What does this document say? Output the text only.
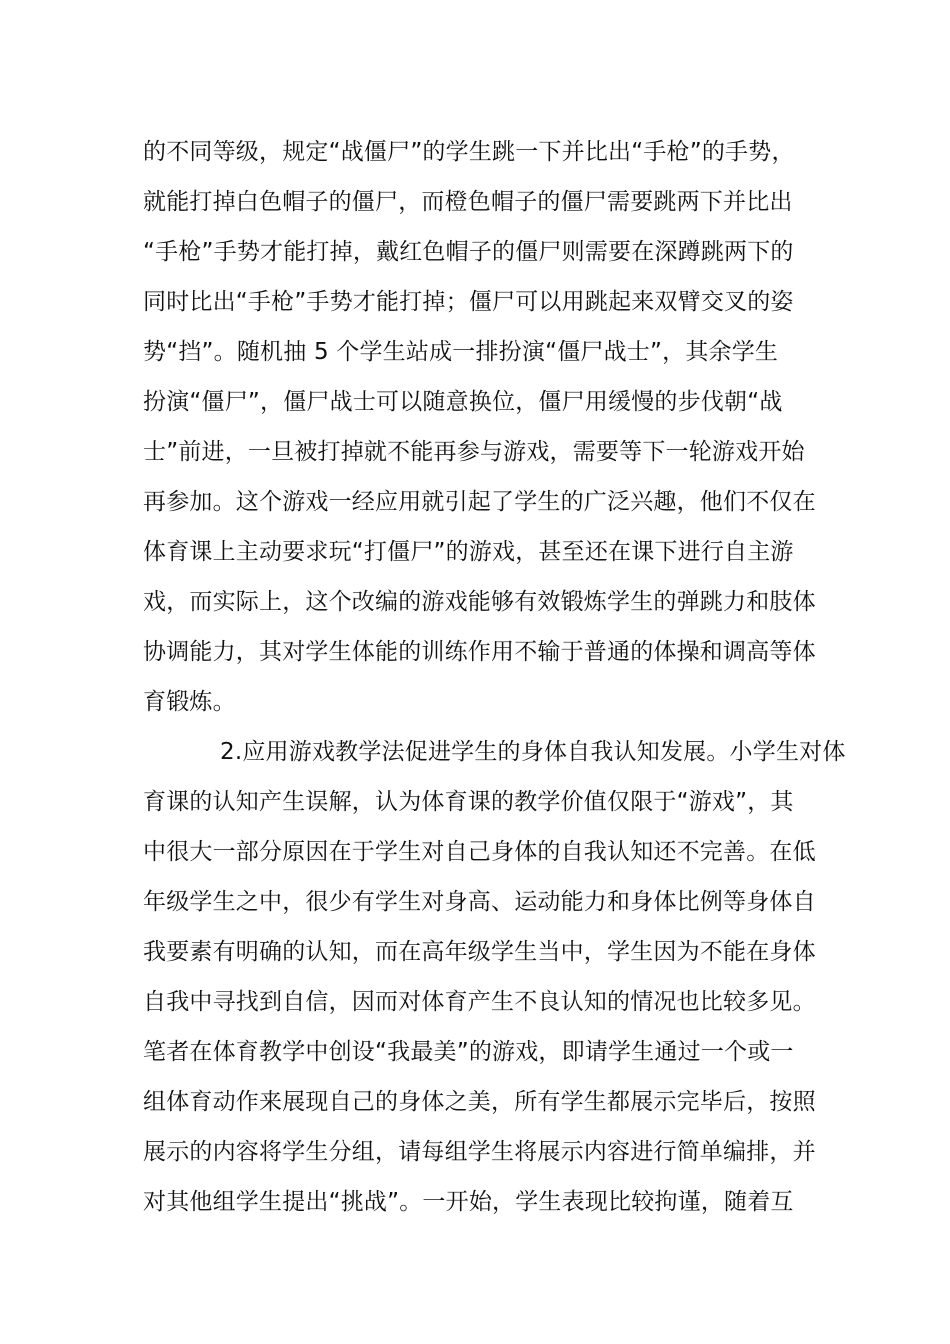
的不同等级，规定“战僵尸”的学生跳一下并比出“手枪”的手势，
就能打掉白色帽子的僵尸，而橙色帽子的僵尸需要跳两下并比出
“手枪”手势才能打掉，戴红色帽子的僵尸则需要在深蹲跳两下的
同时比出“手枪”手势才能打掉；僵尸可以用跳起来双臂交叉的姿
势“挡”。随机抽 5 个学生站成一排扮演“僵尸战士”，其余学生
扮演“僵尸”，僵尸战士可以随意换位，僵尸用缓慢的步伐朝“战
士”前进，一旦被打掉就不能再参与游戏，需要等下一轮游戏开始
再参加。这个游戏一经应用就引起了学生的广泛兴趣，他们不仅在
体育课上主动要求玩“打僵尸”的游戏，甚至还在课下进行自主游
戏，而实际上，这个改编的游戏能够有效锻炼学生的弹跳力和肢体
协调能力，其对学生体能的训练作用不输于普通的体操和调高等体
育锻炼。
2.应用游戏教学法促进学生的身体自我认知发展。小学生对体
育课的认知产生误解，认为体育课的教学价值仅限于“游戏”，其
中很大一部分原因在于学生对自己身体的自我认知还不完善。在低
年级学生之中，很少有学生对身高、运动能力和身体比例等身体自
我要素有明确的认知，而在高年级学生当中，学生因为不能在身体
自我中寻找到自信，因而对体育产生不良认知的情况也比较多见。
笔者在体育教学中创设“我最美”的游戏，即请学生通过一个或一
组体育动作来展现自己的身体之美，所有学生都展示完毕后，按照
展示的内容将学生分组，请每组学生将展示内容进行简单编排，并
对其他组学生提出“挑战”。一开始，学生表现比较拘谨，随着互
